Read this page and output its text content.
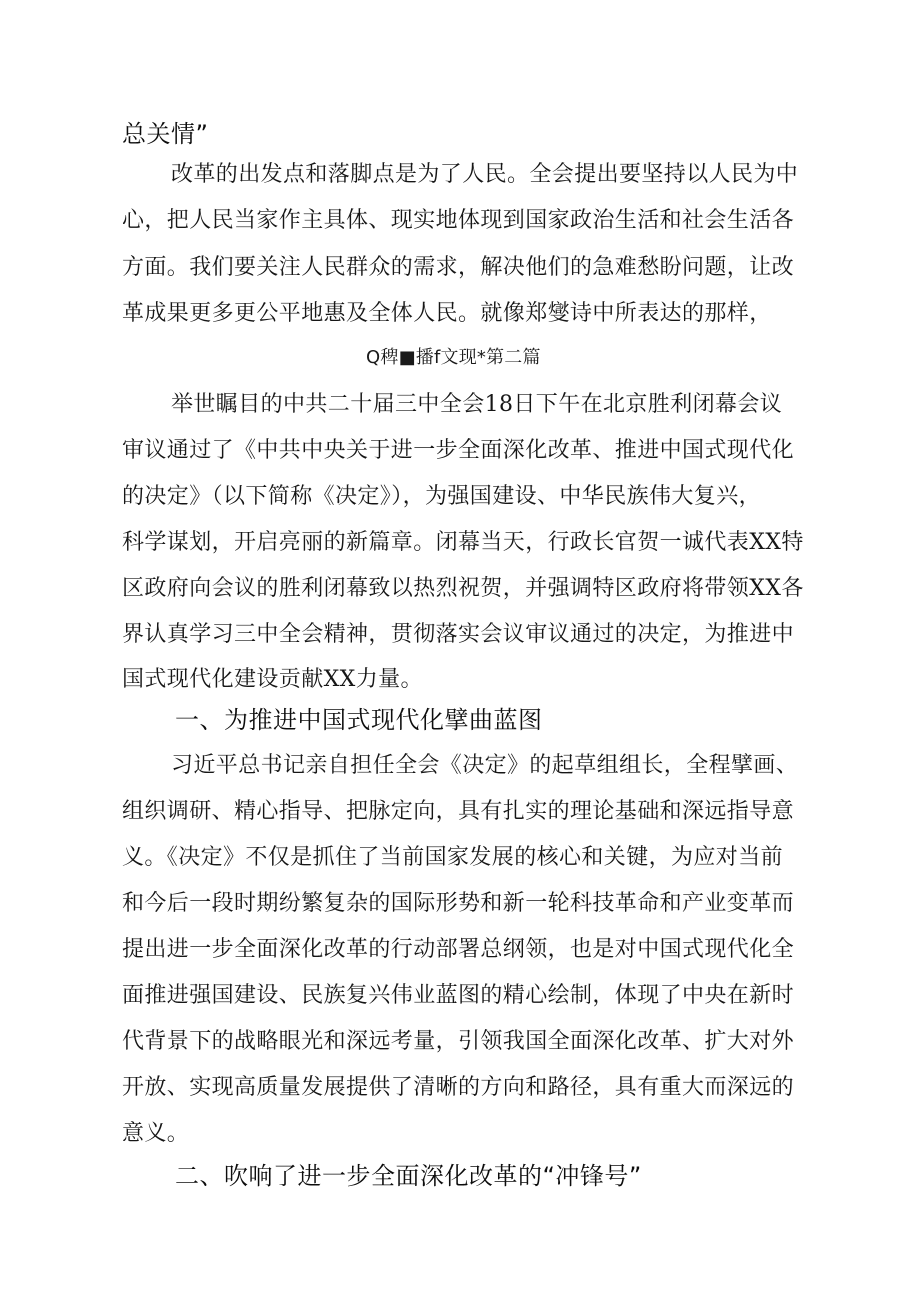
总关情”
改革的出发点和落脚点是为了人民。全会提出要坚持以人民为中
心，把人民当家作主具体、现实地体现到国家政治生活和社会生活各
方面。我们要关注人民群众的需求，解决他们的急难愁盼问题，让改
革成果更多更公平地惠及全体人民。就像郑燮诗中所表达的那样，
Q稗■播f文现*第二篇
举世瞩目的中共二十届三中全会18日下午在北京胜利闭幕会议
审议通过了《中共中央关于进一步全面深化改革、推进中国式现代化
的决定》（以下简称《决定》），为强国建设、中华民族伟大复兴，
科学谋划，开启亮丽的新篇章。闭幕当天，行政长官贺一诚代表XX特
区政府向会议的胜利闭幕致以热烈祝贺，并强调特区政府将带领XX各
界认真学习三中全会精神，贯彻落实会议审议通过的决定，为推进中
国式现代化建设贡献XX力量。
一、为推进中国式现代化擘曲蓝图
习近平总书记亲自担任全会《决定》的起草组组长，全程擘画、
组织调研、精心指导、把脉定向，具有扎实的理论基础和深远指导意
义。《决定》不仅是抓住了当前国家发展的核心和关键，为应对当前
和今后一段时期纷繁复杂的国际形势和新一轮科技革命和产业变革而
提出进一步全面深化改革的行动部署总纲领，也是对中国式现代化全
面推进强国建设、民族复兴伟业蓝图的精心绘制，体现了中央在新时
代背景下的战略眼光和深远考量，引领我国全面深化改革、扩大对外
开放、实现高质量发展提供了清晰的方向和路径，具有重大而深远的
意义。
二、吹响了进一步全面深化改革的“冲锋号”
